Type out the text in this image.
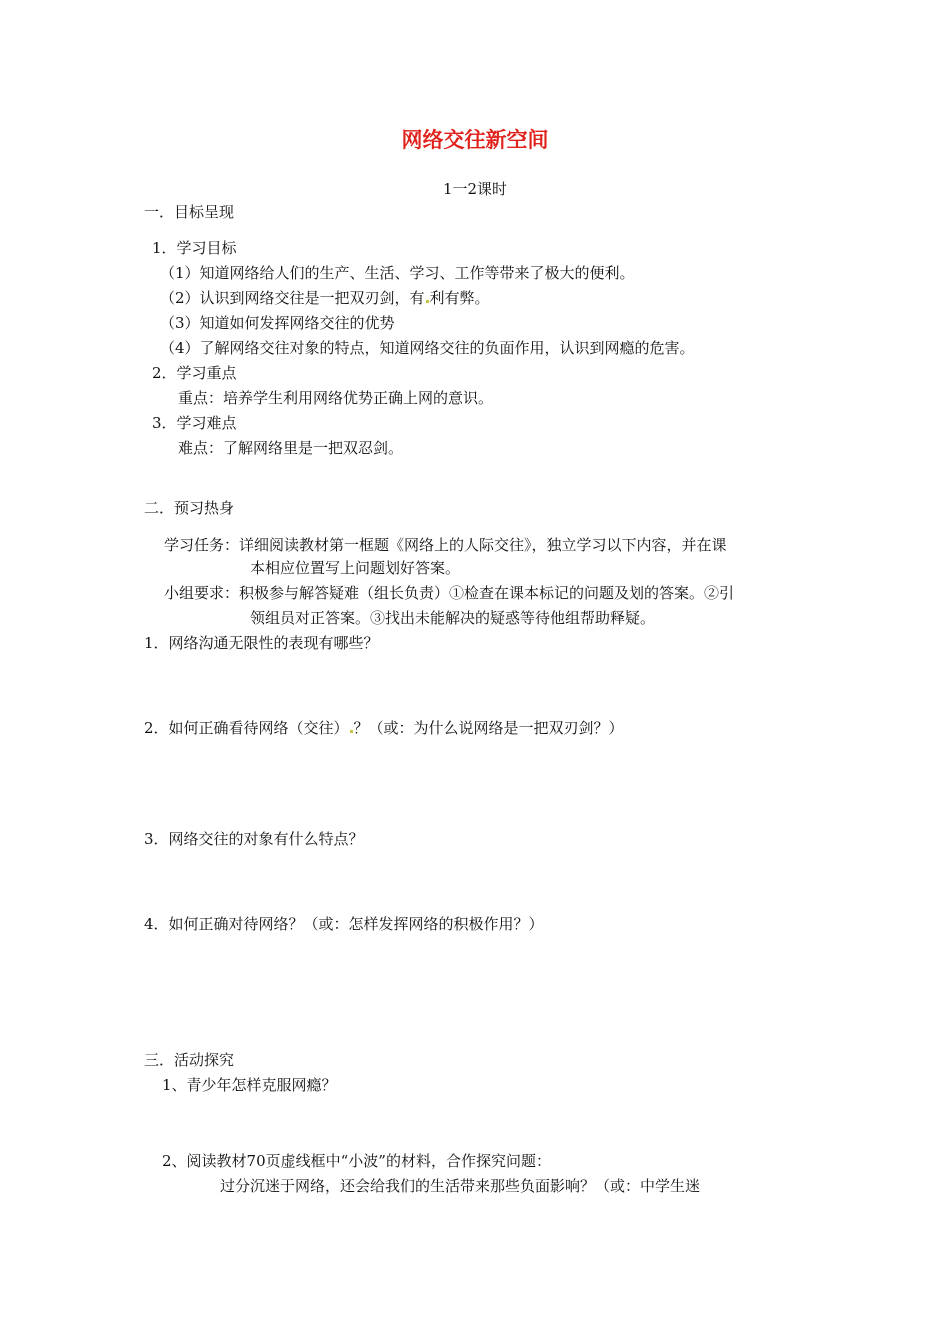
网络交往新空间
1一2课时
一．目标呈现
1．学习目标
（1）知道网络给人们的生产、生活、学习、工作等带来了极大的便利。
（2）认识到网络交往是一把双刃剑，有 利有弊。
（3）知道如何发挥网络交往的优势
（4）了解网络交往对象的特点，知道网络交往的负面作用，认识到网瘾的危害。
2．学习重点
重点：培养学生利用网络优势正确上网的意识。
3．学习难点
难点：了解网络里是一把双忍剑。
二．预习热身
学习任务：详细阅读教材第一框题《网络上的人际交往》，独立学习以下内容，并在课
本相应位置写上问题划好答案。
小组要求：积极参与解答疑难（组长负责）①检查在课本标记的问题及划的答案。②引
领组员对正答案。③找出未能解决的疑惑等待他组帮助释疑。
1．网络沟通无限性的表现有哪些？
2．如何正确看待网络（交往） ？（或：为什么说网络是一把双刃剑？）
3．网络交往的对象有什么特点？
4．如何正确对待网络？（或：怎样发挥网络的积极作用？）
三．活动探究
1、青少年怎样克服网瘾？
2、阅读教材70页虚线框中“小波”的材料，合作探究问题：
过分沉迷于网络，还会给我们的生活带来那些负面影响？（或：中学生迷
